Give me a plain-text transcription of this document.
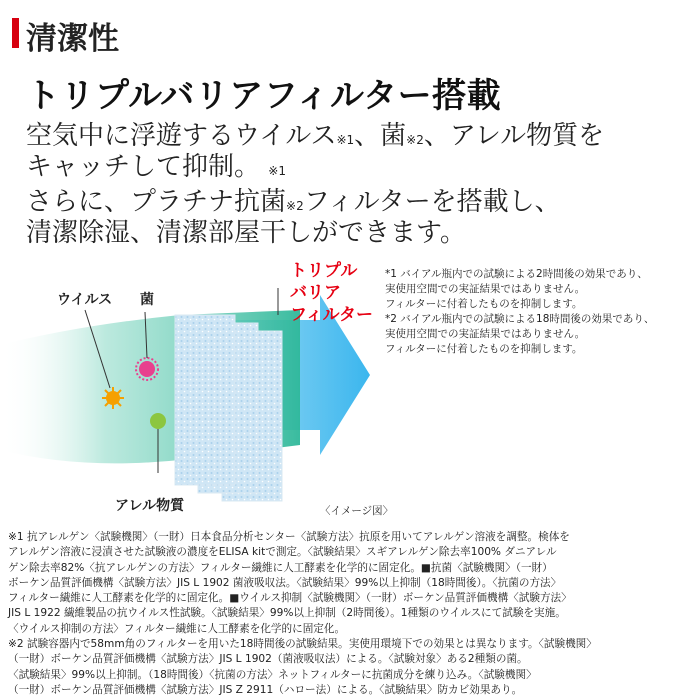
清潔性
トリプルバリアフィルター搭載
空気中に浮遊するウイルス※1、菌※2、アレル物質を
キャッチして抑制。 ※1
さらに、プラチナ抗菌※2フィルターを搭載し、
清潔除湿、清潔部屋干しができます。
ウイルス 菌
アレル物質
トリプル
バリア
フィルター
〈イメージ図〉
*1 バイアル瓶内での試験による2時間後の効果であり、
実使用空間での実証結果ではありません。
フィルターに付着したものを抑制します。
*2 バイアル瓶内での試験による18時間後の効果であり、
実使用空間での実証結果ではありません。
フィルターに付着したものを抑制します。
※1 抗アレルゲン〈試験機関〉（一財）日本食品分析センター〈試験方法〉抗原を用いてアレルゲン溶液を調整。検体を
アレルゲン溶液に浸漬させた試験液の濃度をELISA kitで測定。〈試験結果〉スギアレルゲン除去率100% ダニアレル
ゲン除去率82%〈抗アレルゲンの方法〉フィルター繊維に人工酵素を化学的に固定化。■抗菌〈試験機関〉（一財）
ボーケン品質評価機構〈試験方法〉JIS L 1902 菌液吸収法。〈試験結果〉99%以上抑制（18時間後）。〈抗菌の方法〉
フィルター繊維に人工酵素を化学的に固定化。■ウイルス抑制〈試験機関〉（一財）ボーケン品質評価機構〈試験方法〉
JIS L 1922 繊維製品の抗ウイルス性試験。〈試験結果〉99%以上抑制（2時間後）。1種類のウイルスにて試験を実施。
〈ウイルス抑制の方法〉フィルター繊維に人工酵素を化学的に固定化。
※2 試験容器内で58mm角のフィルターを用いた18時間後の試験結果。実使用環境下での効果とは異なります。〈試験機関〉
（一財）ボーケン品質評価機構〈試験方法〉JIS L 1902（菌液吸収法）による。〈試験対象〉ある2種類の菌。
〈試験結果〉99%以上抑制。（18時間後）〈抗菌の方法〉ネットフィルターに抗菌成分を練り込み。〈試験機関〉
（一財）ボーケン品質評価機構〈試験方法〉JIS Z 2911（ハロー法）による。〈試験結果〉防カビ効果あり。
